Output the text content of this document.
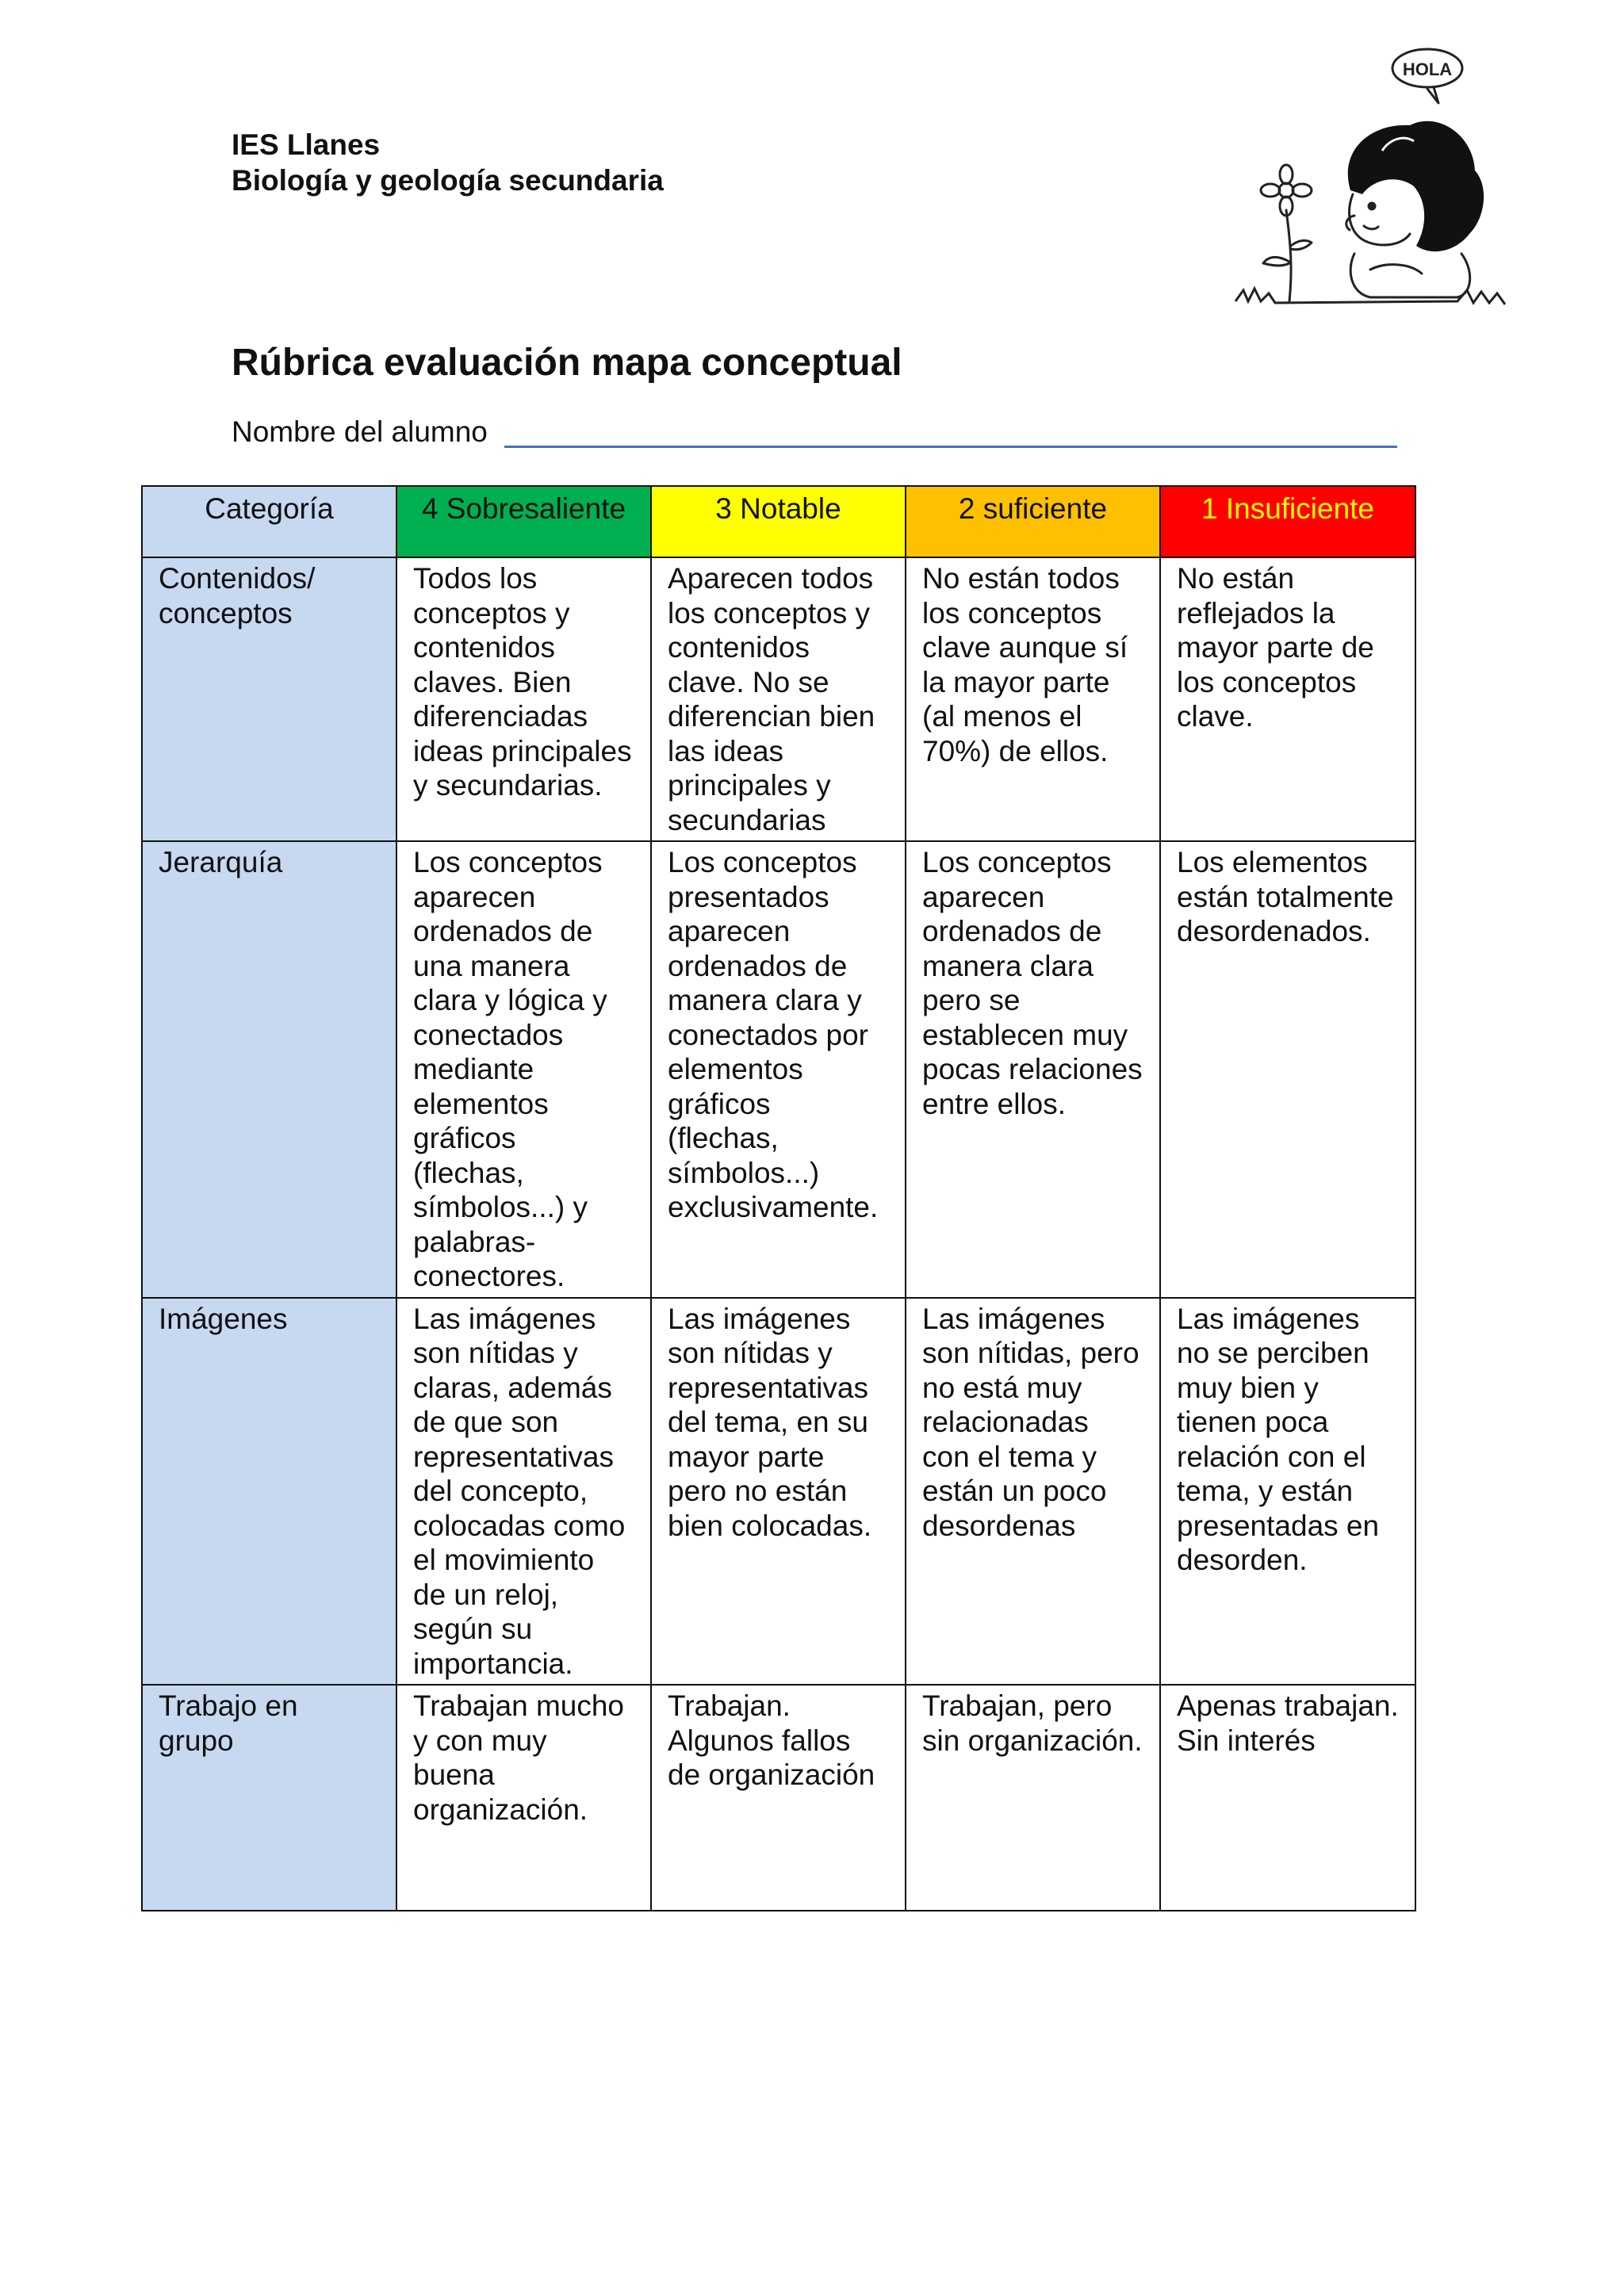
IES Llanes
Biología y geología secundaria
HOLA
Rúbrica evaluación mapa conceptual
Nombre del alumno
Categoría	4 Sobresaliente	3 Notable	2 suficiente	1 Insuficiente
Contenidos/ conceptos	Todos los conceptos y contenidos claves. Bien diferenciadas ideas principales y secundarias.	Aparecen todos los conceptos y contenidos clave. No se diferencian bien las ideas principales y secundarias	No están todos los conceptos clave aunque sí la mayor parte (al menos el 70%) de ellos.	No están reflejados la mayor parte de los conceptos clave.
Jerarquía	Los conceptos aparecen ordenados de una manera clara y lógica y conectados mediante elementos gráficos (flechas, símbolos...) y palabras-conectores.	Los conceptos presentados aparecen ordenados de manera clara y conectados por elementos gráficos (flechas, símbolos...) exclusivamente.	Los conceptos aparecen ordenados de manera clara pero se establecen muy pocas relaciones entre ellos.	Los elementos están totalmente desordenados.
Imágenes	Las imágenes son nítidas y claras, además de que son representativas del concepto, colocadas como el movimiento de un reloj, según su importancia.	Las imágenes son nítidas y representativas del tema, en su mayor parte pero no están bien colocadas.	Las imágenes son nítidas, pero no está muy relacionadas con el tema y están un poco desordenas	Las imágenes no se perciben muy bien y tienen poca relación con el tema, y están presentadas en desorden.
Trabajo en grupo	Trabajan mucho y con muy buena organización.	Trabajan. Algunos fallos de organización	Trabajan, pero sin organización.	Apenas trabajan. Sin interés
